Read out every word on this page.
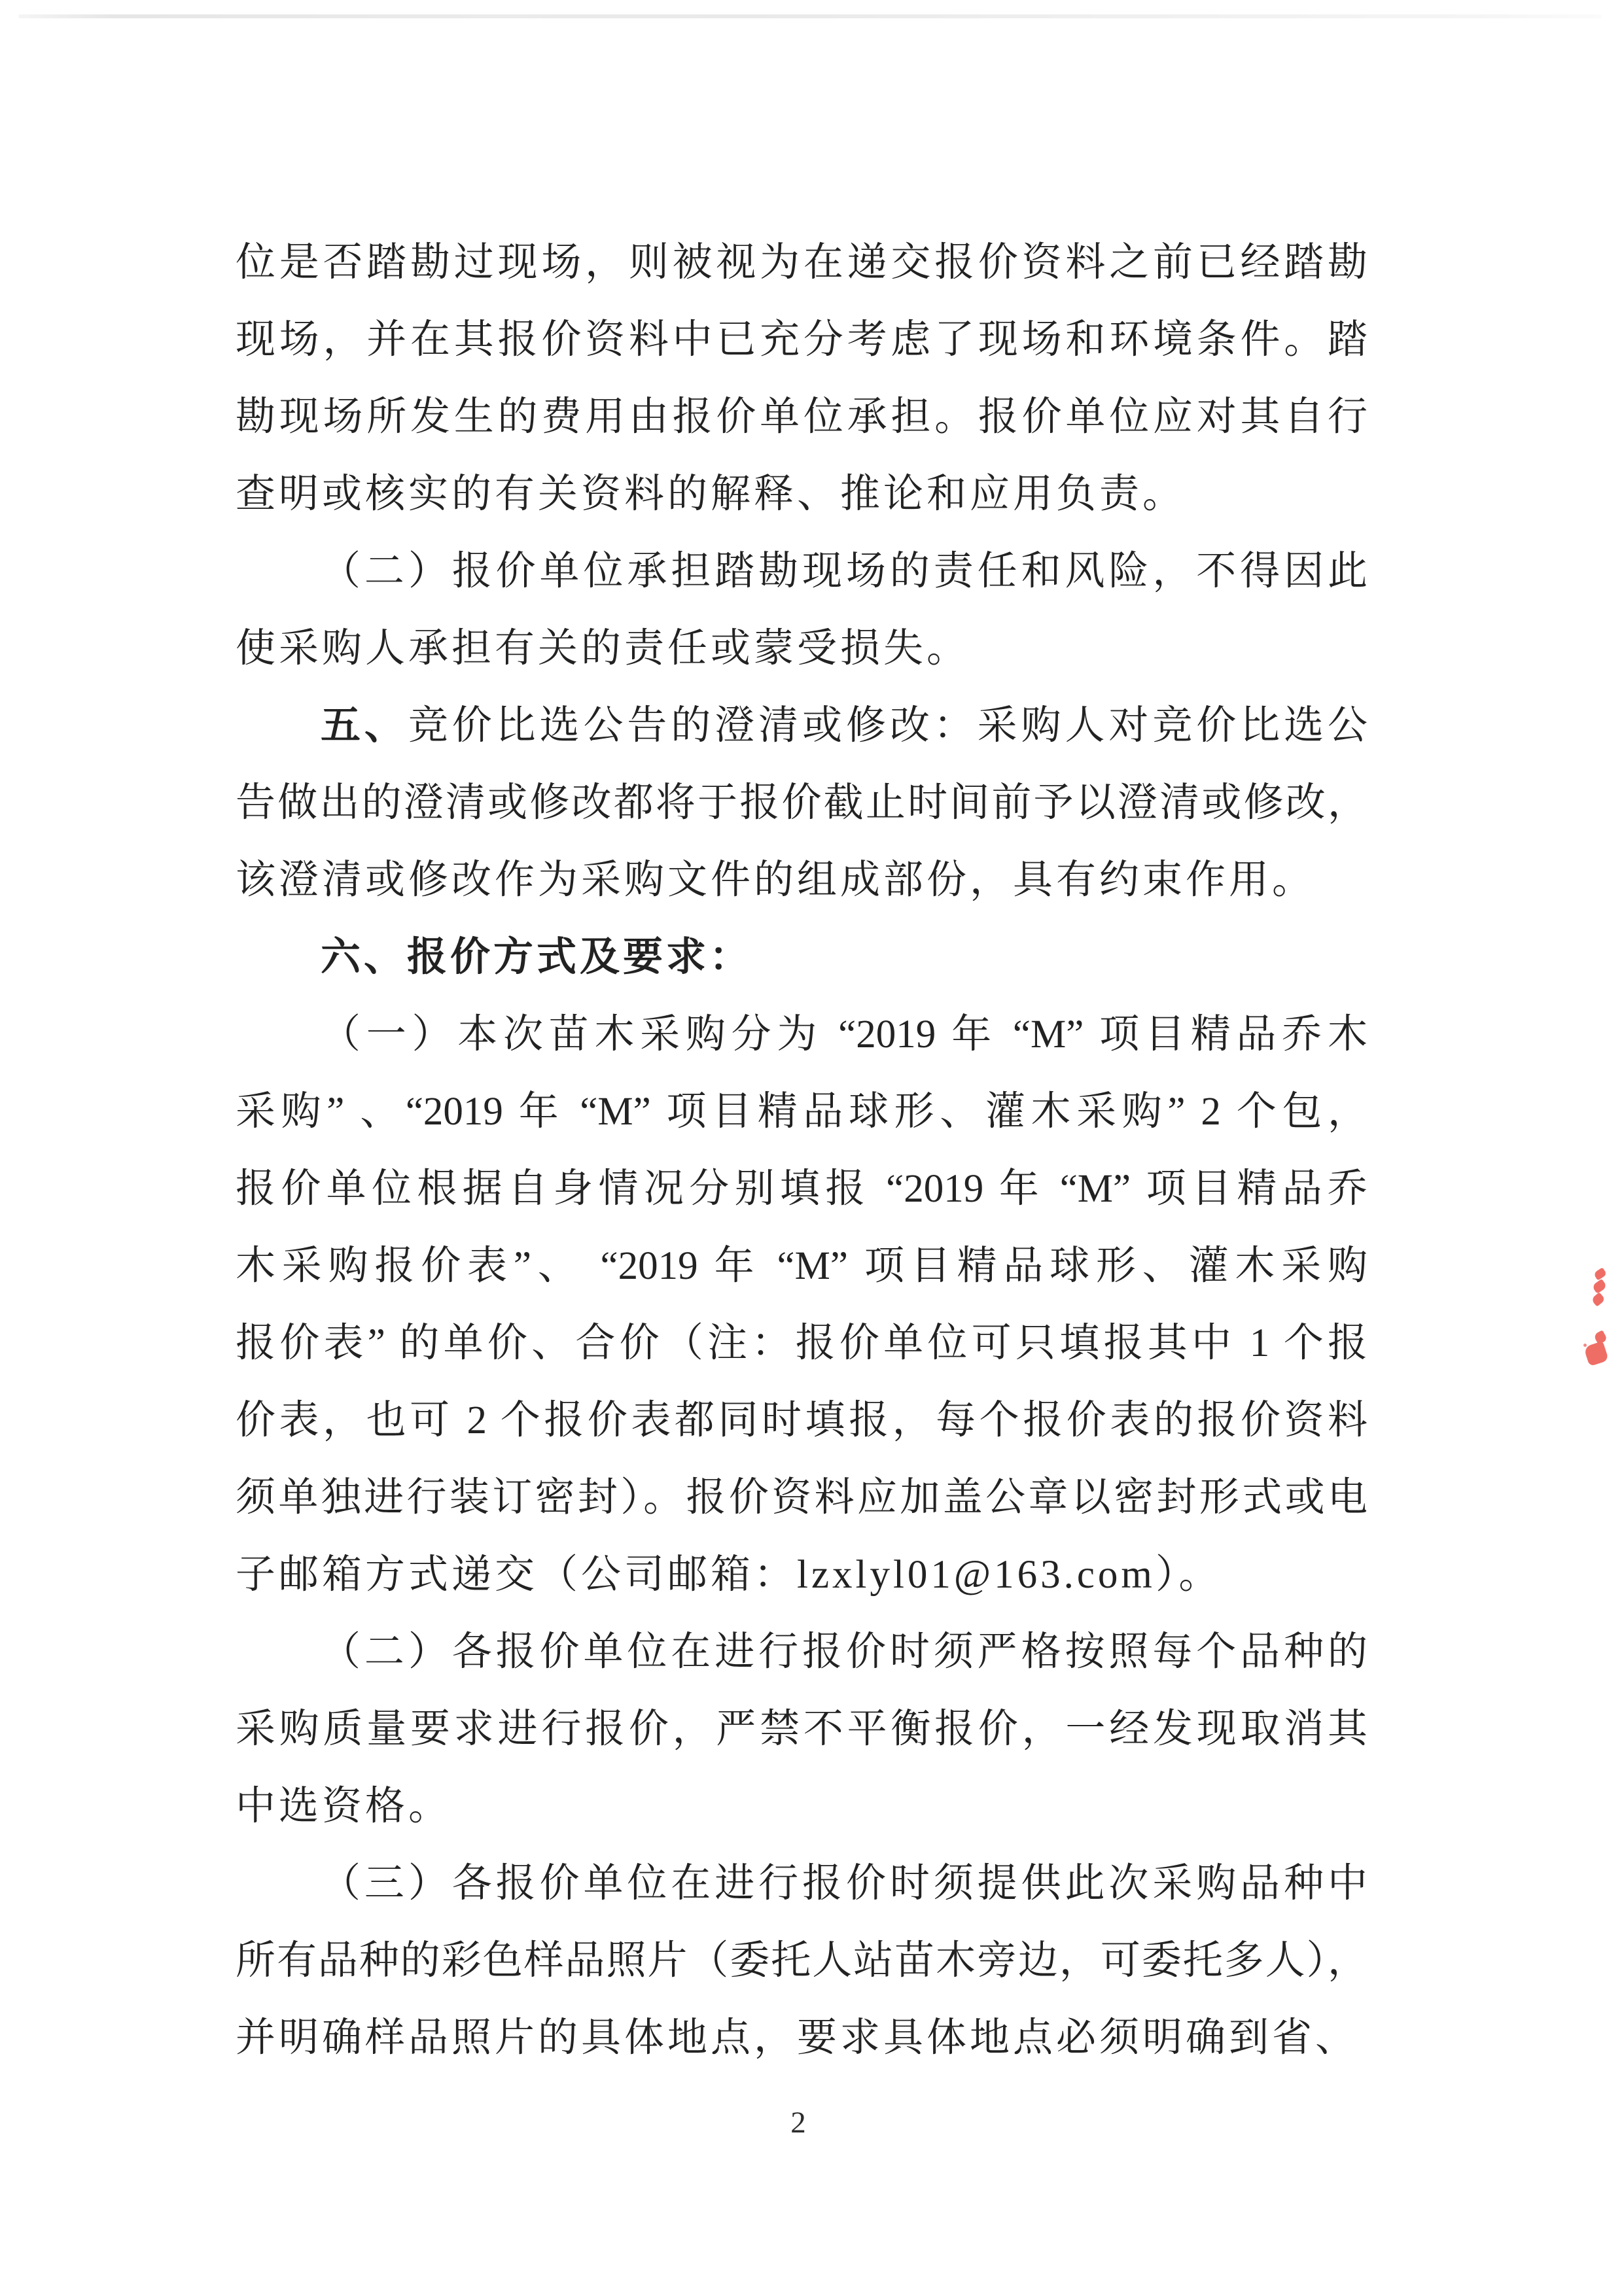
位是否踏勘过现场，则被视为在递交报价资料之前已经踏勘
现场，并在其报价资料中已充分考虑了现场和环境条件。踏
勘现场所发生的费用由报价单位承担。报价单位应对其自行
查明或核实的有关资料的解释、推论和应用负责。
（二）报价单位承担踏勘现场的责任和风险，不得因此
使采购人承担有关的责任或蒙受损失。
五、竞价比选公告的澄清或修改：采购人对竞价比选公
告做出的澄清或修改都将于报价截止时间前予以澄清或修改，
该澄清或修改作为采购文件的组成部份，具有约束作用。
六、报价方式及要求：
（一）本次苗木采购分为 “2019 年 “M” 项目精品乔木
采购” 、“2019 年 “M” 项目精品球形、灌木采购” 2 个包，
报价单位根据自身情况分别填报 “2019 年 “M” 项目精品乔
木采购报价表”、 “2019 年 “M” 项目精品球形、灌木采购
报价表” 的单价、合价（注：报价单位可只填报其中 1 个报
价表，也可 2 个报价表都同时填报，每个报价表的报价资料
须单独进行装订密封）。报价资料应加盖公章以密封形式或电
子邮箱方式递交（公司邮箱：lzxlyl01@163.com）。
（二）各报价单位在进行报价时须严格按照每个品种的
采购质量要求进行报价，严禁不平衡报价，一经发现取消其
中选资格。
（三）各报价单位在进行报价时须提供此次采购品种中
所有品种的彩色样品照片（委托人站苗木旁边，可委托多人），
并明确样品照片的具体地点，要求具体地点必须明确到省、
2
